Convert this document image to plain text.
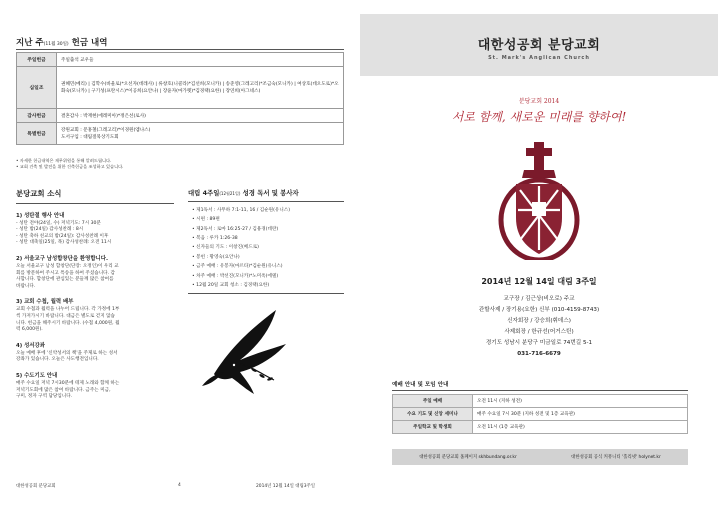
지난 주(11월 30일) 헌금 내역
주일헌금	주일출석 교우들
십일조	권혜민(메리) | 김학수(바울로)*오선자(데레사) | 류창호(니콜라)*김선희(모니카) | 송준영(그레고리)*조금숙(모니카) | 여상호(데오도로)*오화숙(모니카) | 구기성(프란시스)*이공희(요안나) | 장윤자(마가렛)*김경택(요한) | 장연희(아그네스)
감사헌금	결혼감사 : 박재현(에레미아)*정은선(로사)
특별헌금	강원교회 : 문홍철(그레고리)*이경원(엠나스)
도서구입 : 대림절묵상기도회
• 자세한 헌금내역은 재무위원을 통해 알려드립니다.
• 교회 건축 및 발전을 위한 건축헌금을 조성하고 있습니다.
분당교회 소식
1) 성탄절 행사 안내
- 성탄 전야(24일, 수) 저녁기도: 7시 30분
- 성탄 밤(24일) 감사성찬례 : 8시
- 성탄 축하 친교의 밤(24일): 감사성찬례 이후
- 성탄 대축일(25일, 목) 감사성찬례: 오전 11시
2) 서울교구 남성합창단을 환영합니다.
오늘 서울교구 남성 합창단(단장: 오정인)이 우리 교
회를 방문하여 주시고 특송을 하여 주셨습니다. 감
사합니다. 합창단에 관심있는 분들께 많은 참여를
바랍니다.
3) 교회 수첩, 월력 배부
교회 수첩과 월력을 나누어 드립니다. 각 가정에 1부
씩 가져가시기 바랍니다. 대금은 별도로 걷지 않습
니다. 헌금을 해주시기 바랍니다. (수첩 4,000원, 월
력 6,000원).
4) 성서강좌
오늘 예배 후에 '신약성서의 책'을 주제로 하는 성서
강좌가 있습니다. 오늘은 사도행전입니다.
5) 수도기도 안내
매주 수요일 저녁 7시30분에 테제 노래와 함께 하는
저녁기도회에 많은 참여 바랍니다. 금주는 미금,
구미, 정자 구역 담당입니다.
대림 4주일(12월21일) 성경 독서 및 봉사자
• 제1독서 : 사무하 7:1-11, 16 / 김순원(유니스)
• 시편 : 89편
• 제2독서 : 로마 16:25-27 / 김용경(데란)
• 복음 : 루카 1:26-38
• 신자들의 기도 : 이창진(베드로)
• 봉헌 : 황영숙(요안나)
• 금주 예배 : 유봉자(마르타)*김순원(유니스)
• 차주 예배 : 박선진(모니카)*노미옥(에델)
• 12월 20일 교회 청소 : 김경택(요한)
대한성공회 분당교회	4	2014년 12월 14일 대림3주일
대한성공회 분당교회
St. Mark's Anglican Church
분당교회 2014
서로 함께, 새로운 미래를 향하여!
2014년 12월 14일 대림 3주일
교구장 / 김근상(비오로) 주교
관할사제 / 장기용(요한) 신부 (010-4159-8743)
신자회장 / 강승희(휘데스)
사제회장 / 한규선(어거스틴)
경기도 성남시 분당구 미금일로 74번길 5-1
031-716-6679
예배 안내 및 모임 안내
주일 예배	오전 11시 (지하 성전)
수요 기도 및 신앙 세미나	매주 수요일 7시 30분 (지하 성전 및 1층 교육관)
주일학교 및 학생회	오전 11시 (1층 교육관)
대한성공회 분당교회 홈페이지 skhbundang.or.kr	대한성공회 공식 커뮤니티 '홀리넷' holynet.kr
